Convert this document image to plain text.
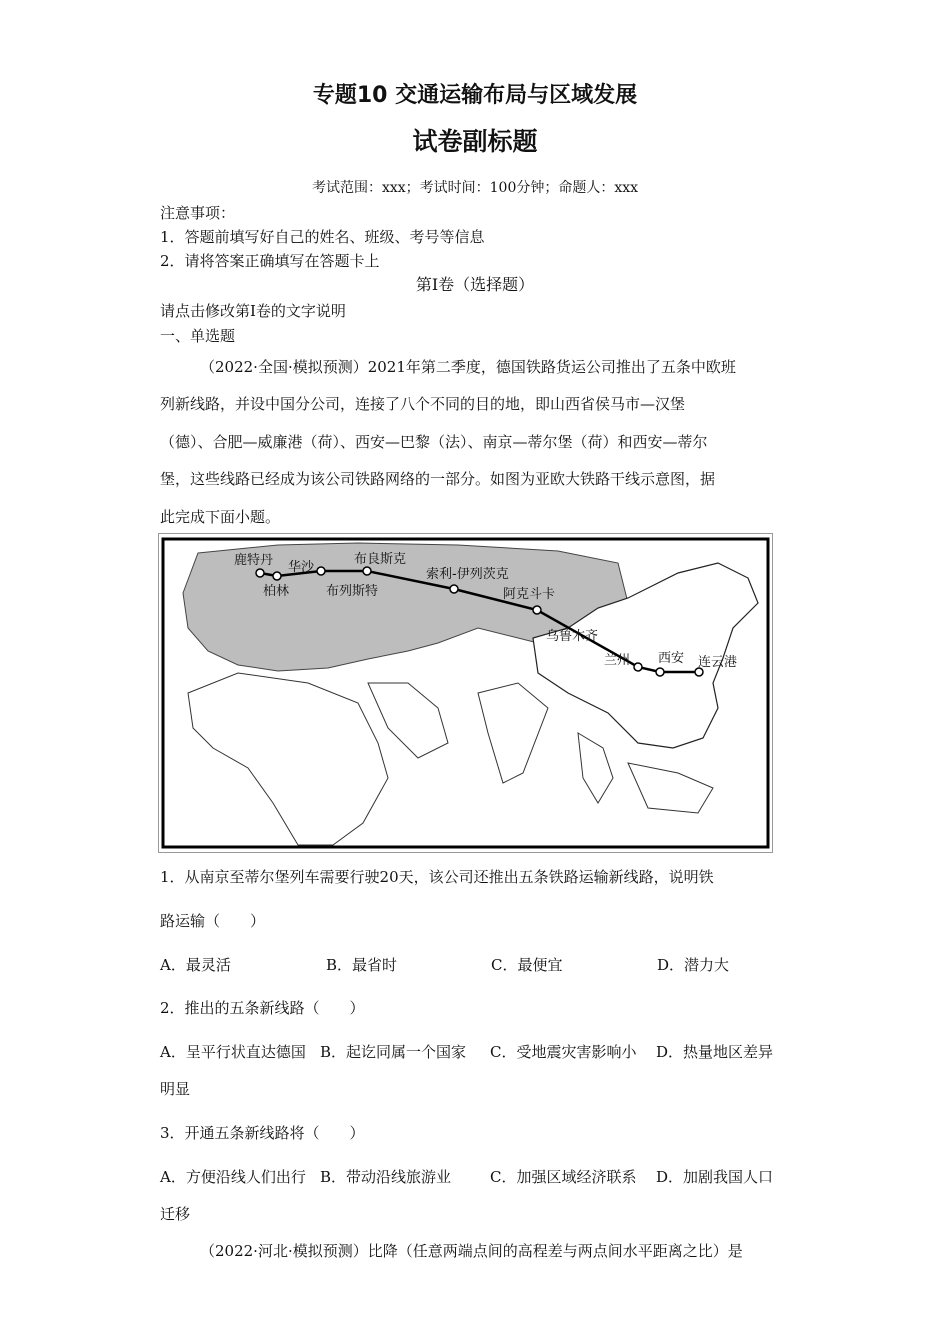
专题10 交通运输布局与区域发展
试卷副标题
考试范围：xxx；考试时间：100分钟；命题人：xxx
注意事项：
1．答题前填写好自己的姓名、班级、考号等信息
2．请将答案正确填写在答题卡上
第I卷（选择题）
请点击修改第I卷的文字说明
一、单选题
（2022·全国·模拟预测）2021年第二季度，德国铁路货运公司推出了五条中欧班
列新线路，并设中国分公司，连接了八个不同的目的地，即山西省侯马市—汉堡
（德）、合肥—威廉港（荷）、西安—巴黎（法）、南京—蒂尔堡（荷）和西安—蒂尔
堡，这些线路已经成为该公司铁路网络的一部分。如图为亚欧大铁路干线示意图，据
此完成下面小题。
鹿特丹 华沙
柏林
布良斯克
布列斯特
索利-伊列茨克
阿克斗卡
乌鲁木齐
兰州 西安 连云港
1．从南京至蒂尔堡列车需要行驶20天，该公司还推出五条铁路运输新线路，说明铁
路运输（　　）
A．最灵活	B．最省时	C．最便宜	D．潜力大
2．推出的五条新线路（　　）
A．呈平行状直达德国 B．起讫同属一个国家 C．受地震灾害影响小 D．热量地区差异
明显
3．开通五条新线路将（　　）
A．方便沿线人们出行 B．带动沿线旅游业	C．加强区域经济联系 D．加剧我国人口
迁移
（2022·河北·模拟预测）比降（任意两端点间的高程差与两点间水平距离之比）是
